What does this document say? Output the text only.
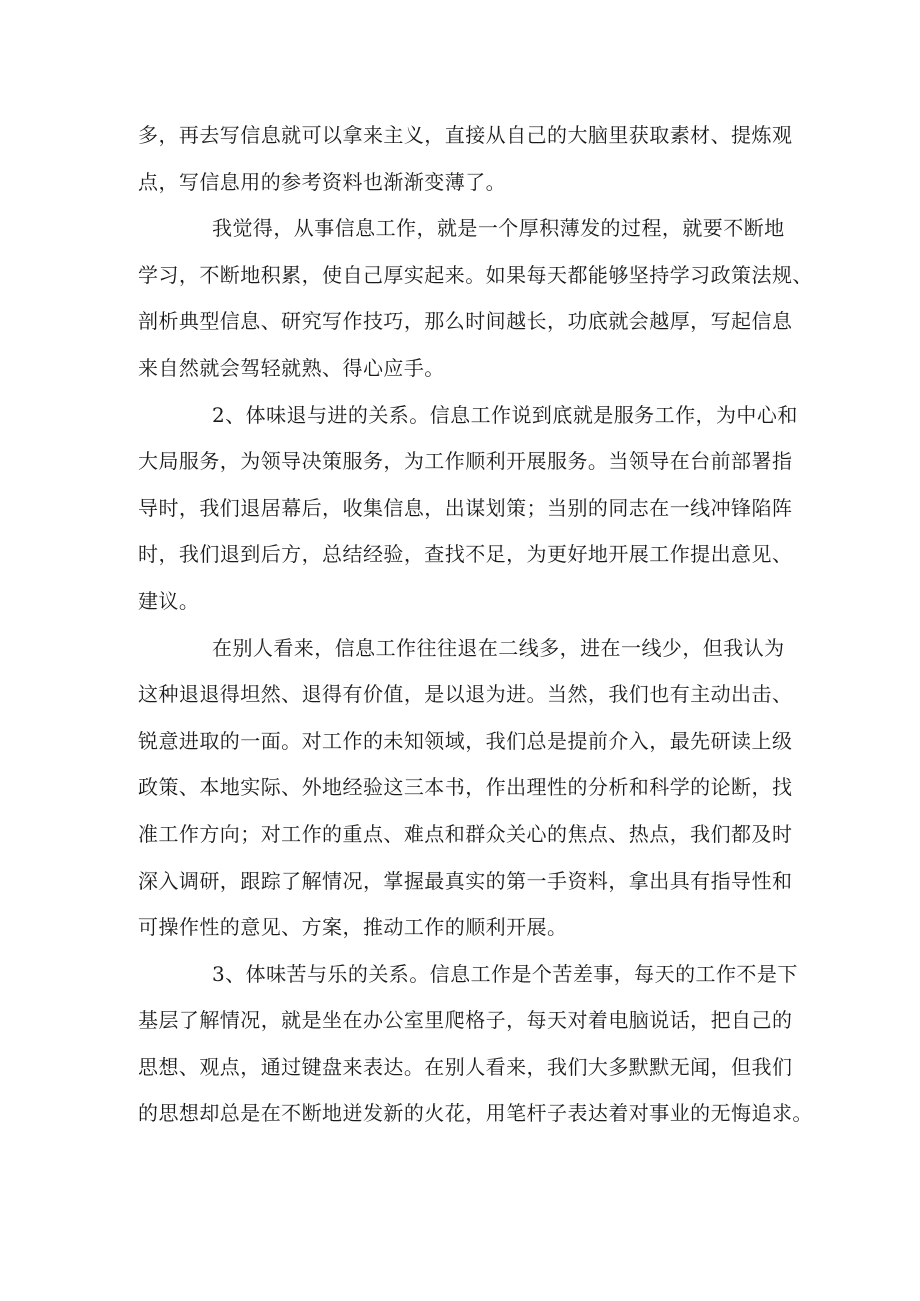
多，再去写信息就可以拿来主义，直接从自己的大脑里获取素材、提炼观
点，写信息用的参考资料也渐渐变薄了。

我觉得，从事信息工作，就是一个厚积薄发的过程，就要不断地
学习，不断地积累，使自己厚实起来。如果每天都能够坚持学习政策法规、
剖析典型信息、研究写作技巧，那么时间越长，功底就会越厚，写起信息
来自然就会驾轻就熟、得心应手。

2、体味退与进的关系。信息工作说到底就是服务工作，为中心和
大局服务，为领导决策服务，为工作顺利开展服务。当领导在台前部署指
导时，我们退居幕后，收集信息，出谋划策；当别的同志在一线冲锋陷阵
时，我们退到后方，总结经验，查找不足，为更好地开展工作提出意见、
建议。

在别人看来，信息工作往往退在二线多，进在一线少，但我认为
这种退退得坦然、退得有价值，是以退为进。当然，我们也有主动出击、
锐意进取的一面。对工作的未知领域，我们总是提前介入，最先研读上级
政策、本地实际、外地经验这三本书，作出理性的分析和科学的论断，找
准工作方向；对工作的重点、难点和群众关心的焦点、热点，我们都及时
深入调研，跟踪了解情况，掌握最真实的第一手资料，拿出具有指导性和
可操作性的意见、方案，推动工作的顺利开展。

3、体味苦与乐的关系。信息工作是个苦差事，每天的工作不是下
基层了解情况，就是坐在办公室里爬格子，每天对着电脑说话，把自己的
思想、观点，通过键盘来表达。在别人看来，我们大多默默无闻，但我们
的思想却总是在不断地迸发新的火花，用笔杆子表达着对事业的无悔追求。
